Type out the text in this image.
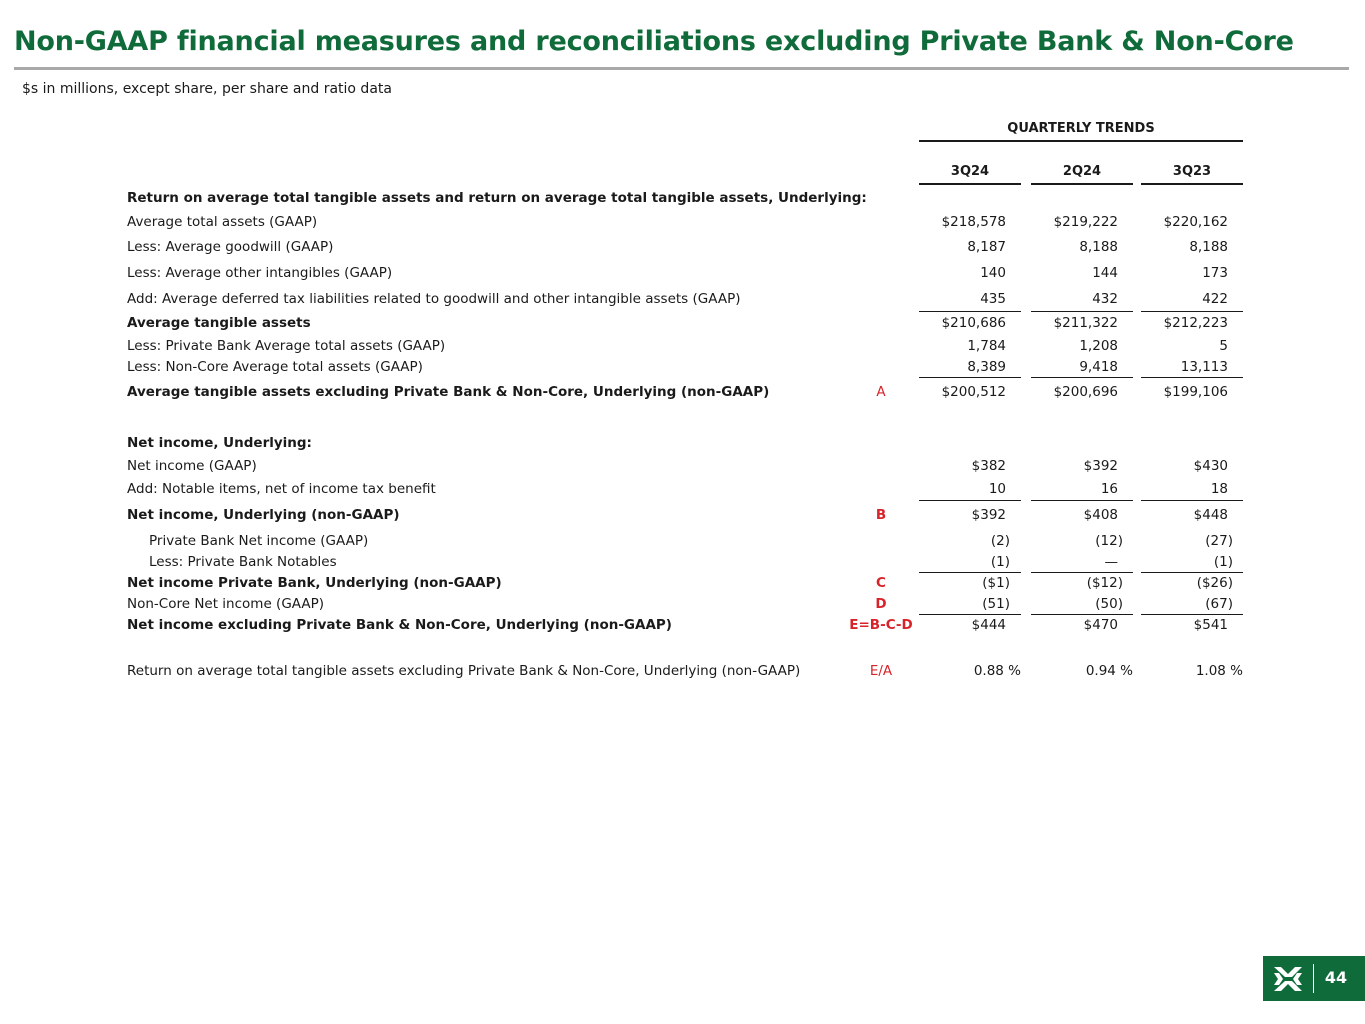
Non-GAAP financial measures and reconciliations excluding Private Bank & Non-Core
$s in millions, except share, per share and ratio data
QUARTERLY TRENDS
3Q24	2Q24	3Q23
Return on average total tangible assets and return on average total tangible assets, Underlying:
Average total assets (GAAP)	$218,578	$219,222	$220,162
Less: Average goodwill (GAAP)	8,187	8,188	8,188
Less: Average other intangibles (GAAP)	140	144	173
Add: Average deferred tax liabilities related to goodwill and other intangible assets (GAAP)	435	432	422
Average tangible assets	$210,686	$211,322	$212,223
Less: Private Bank Average total assets (GAAP)	1,784	1,208	5
Less: Non-Core Average total assets (GAAP)	8,389	9,418	13,113
Average tangible assets excluding Private Bank & Non-Core, Underlying (non-GAAP)	A	$200,512	$200,696	$199,106
Net income, Underlying:
Net income (GAAP)	$382	$392	$430
Add: Notable items, net of income tax benefit	10	16	18
Net income, Underlying (non-GAAP)	B	$392	$408	$448
Private Bank Net income (GAAP)	(2)	(12)	(27)
Less: Private Bank Notables	(1)	—	(1)
Net income Private Bank, Underlying (non-GAAP)	C	($1)	($12)	($26)
Non-Core Net income (GAAP)	D	(51)	(50)	(67)
Net income excluding Private Bank & Non-Core, Underlying (non-GAAP)	E=B-C-D	$444	$470	$541
Return on average total tangible assets excluding Private Bank & Non-Core, Underlying (non-GAAP)	E/A	0.88 %	0.94 %	1.08 %
44
